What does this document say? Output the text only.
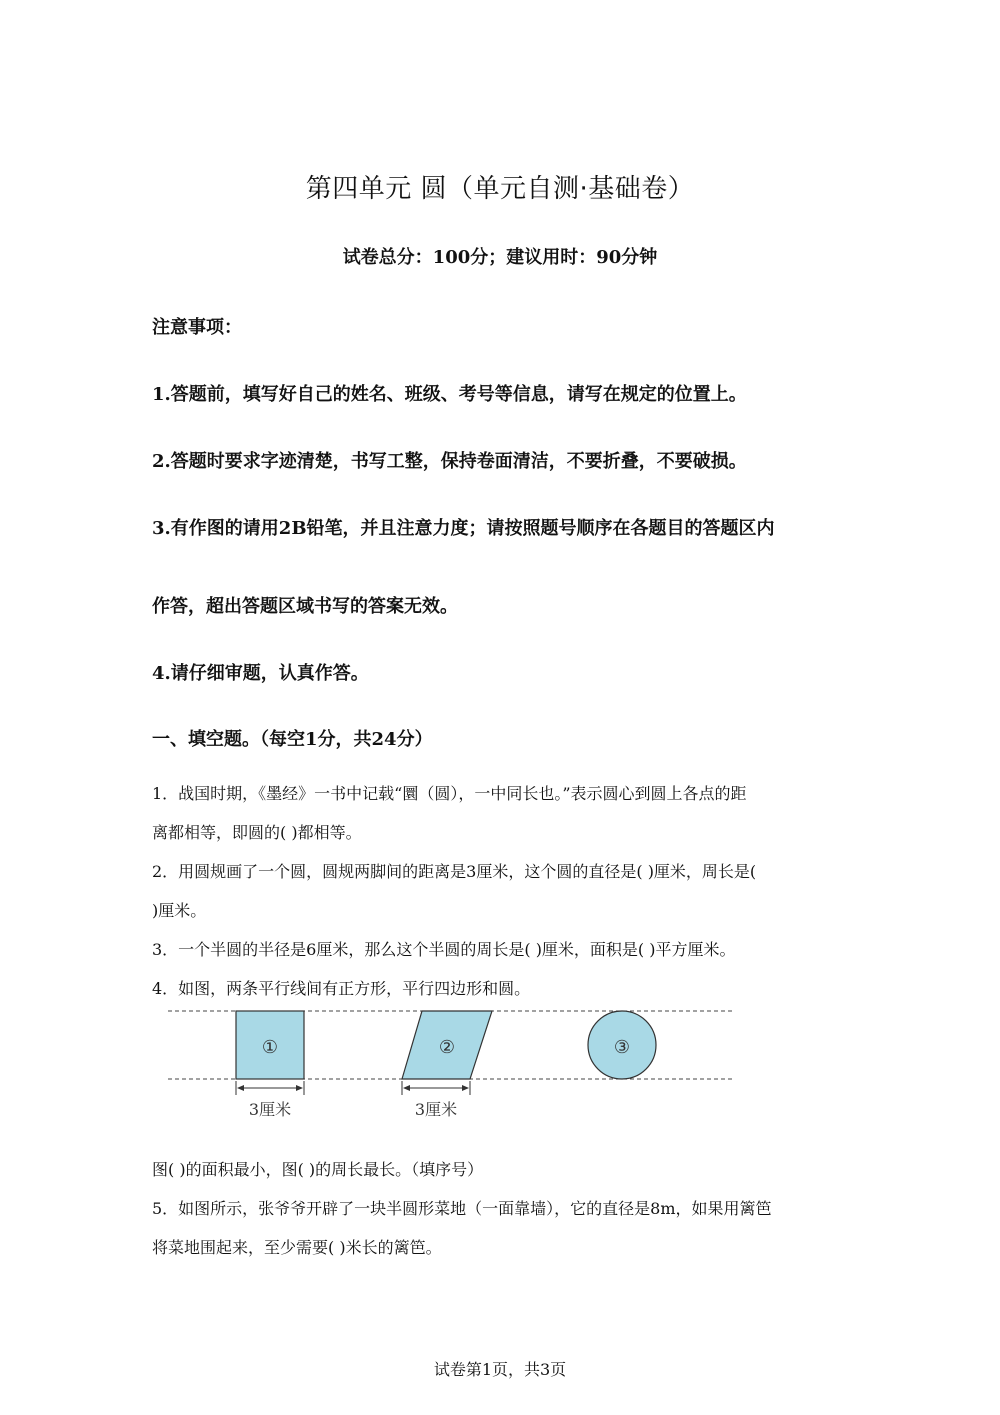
第四单元 圆（单元自测·基础卷）
试卷总分：100分；建议用时：90分钟
注意事项：
1.答题前，填写好自己的姓名、班级、考号等信息，请写在规定的位置上。
2.答题时要求字迹清楚，书写工整，保持卷面清洁，不要折叠，不要破损。
3.有作图的请用2B铅笔，并且注意力度；请按照题号顺序在各题目的答题区内
作答，超出答题区域书写的答案无效。
4.请仔细审题，认真作答。
一、填空题。（每空1分，共24分）
1．战国时期，《墨经》一书中记载“圜（圆），一中同长也。”表示圆心到圆上各点的距
离都相等，即圆的( )都相等。
2．用圆规画了一个圆，圆规两脚间的距离是3厘米，这个圆的直径是( )厘米，周长是(
)厘米。
3．一个半圆的半径是6厘米，那么这个半圆的周长是( )厘米，面积是( )平方厘米。
4．如图，两条平行线间有正方形，平行四边形和圆。
①	②	③
3厘米	3厘米
图( )的面积最小，图( )的周长最长。（填序号）
5．如图所示，张爷爷开辟了一块半圆形菜地（一面靠墙），它的直径是8m，如果用篱笆
将菜地围起来，至少需要( )米长的篱笆。
试卷第1页，共3页
